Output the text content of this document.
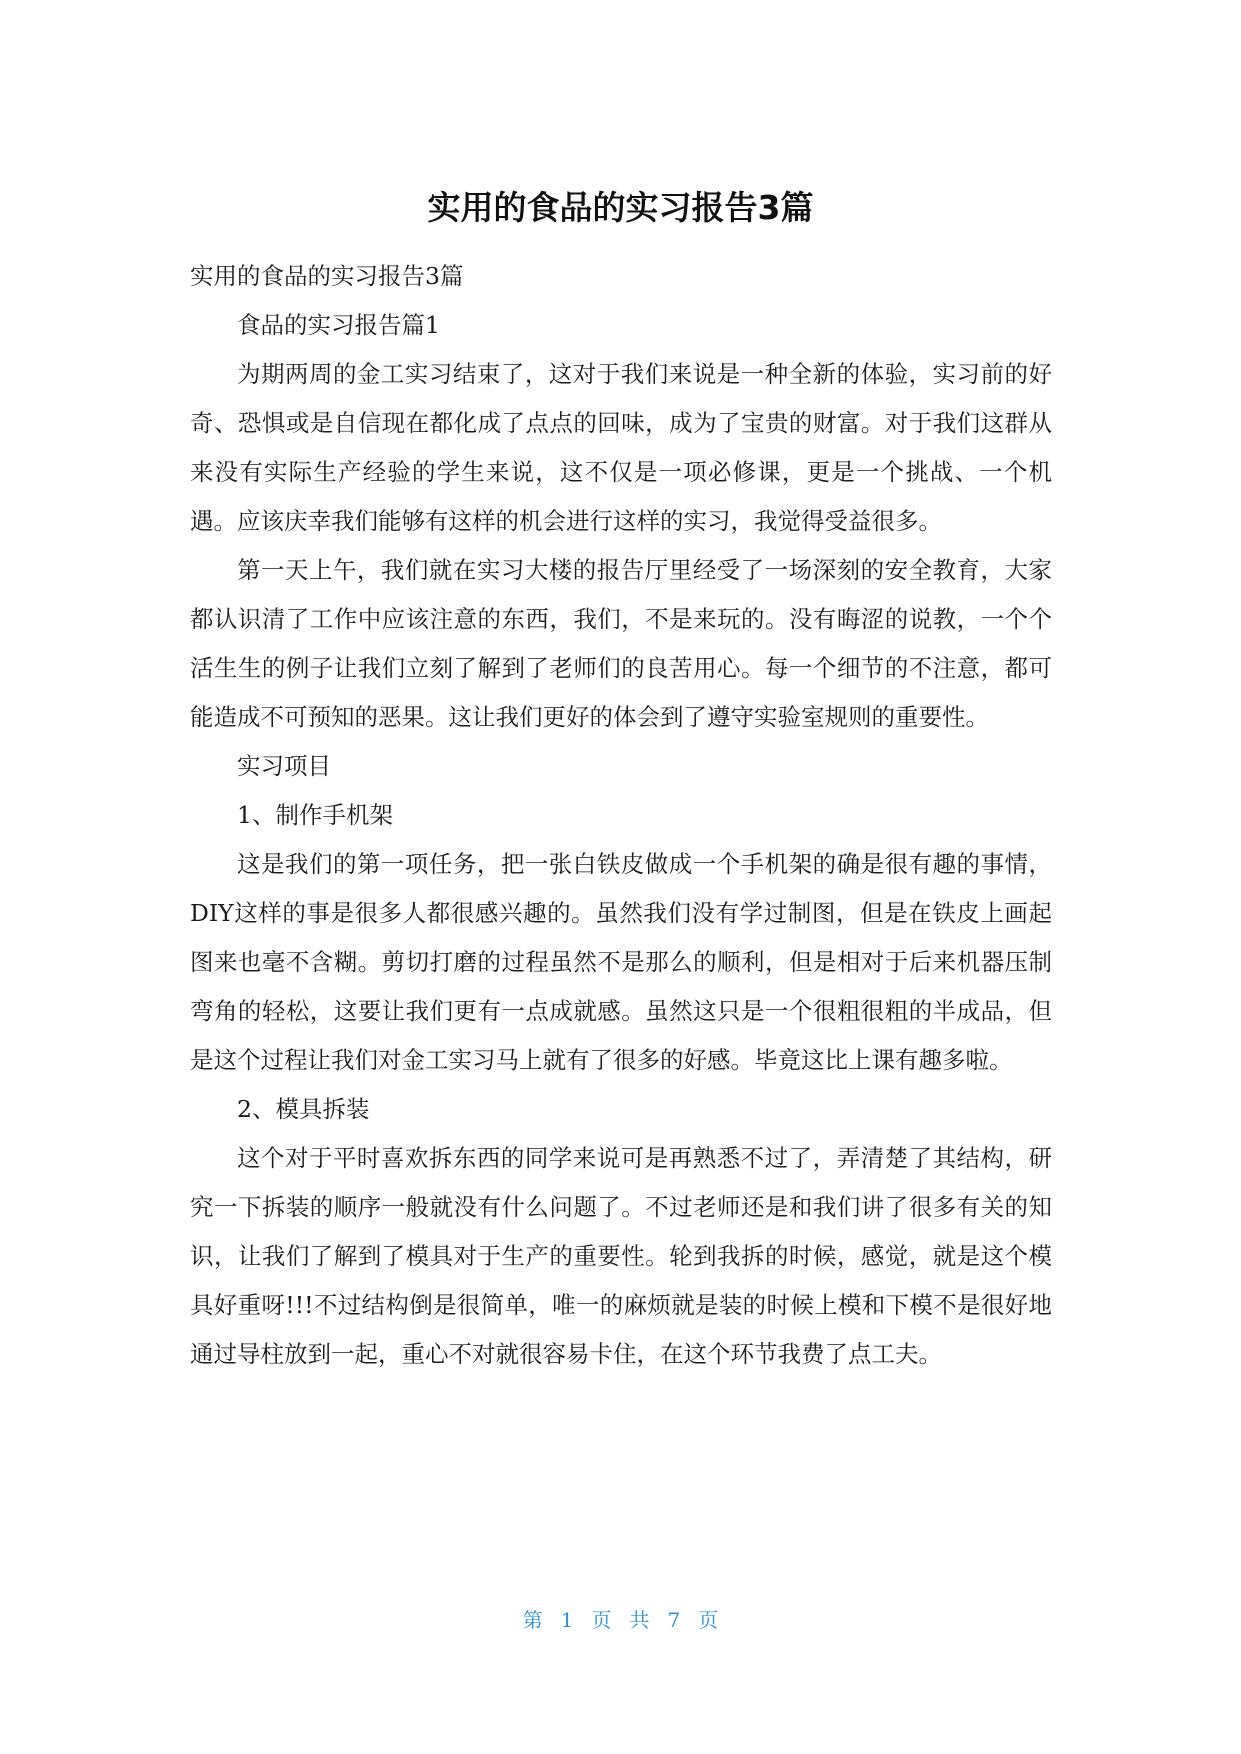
实用的食品的实习报告3篇

实用的食品的实习报告3篇

食品的实习报告篇1

为期两周的金工实习结束了，这对于我们来说是一种全新的体验，实习前的好奇、恐惧或是自信现在都化成了点点的回味，成为了宝贵的财富。对于我们这群从来没有实际生产经验的学生来说，这不仅是一项必修课，更是一个挑战、一个机遇。应该庆幸我们能够有这样的机会进行这样的实习，我觉得受益很多。

第一天上午，我们就在实习大楼的报告厅里经受了一场深刻的安全教育，大家都认识清了工作中应该注意的东西，我们，不是来玩的。没有晦涩的说教，一个个活生生的例子让我们立刻了解到了老师们的良苦用心。每一个细节的不注意，都可能造成不可预知的恶果。这让我们更好的体会到了遵守实验室规则的重要性。

实习项目

1、制作手机架

这是我们的第一项任务，把一张白铁皮做成一个手机架的确是很有趣的事情，DIY这样的事是很多人都很感兴趣的。虽然我们没有学过制图，但是在铁皮上画起图来也毫不含糊。剪切打磨的过程虽然不是那么的顺利，但是相对于后来机器压制弯角的轻松，这要让我们更有一点成就感。虽然这只是一个很粗很粗的半成品，但是这个过程让我们对金工实习马上就有了很多的好感。毕竟这比上课有趣多啦。

2、模具拆装

这个对于平时喜欢拆东西的同学来说可是再熟悉不过了，弄清楚了其结构，研究一下拆装的顺序一般就没有什么问题了。不过老师还是和我们讲了很多有关的知识，让我们了解到了模具对于生产的重要性。轮到我拆的时候，感觉，就是这个模具好重呀!!!不过结构倒是很简单，唯一的麻烦就是装的时候上模和下模不是很好地通过导柱放到一起，重心不对就很容易卡住，在这个环节我费了点工夫。

第 1 页 共 7 页
